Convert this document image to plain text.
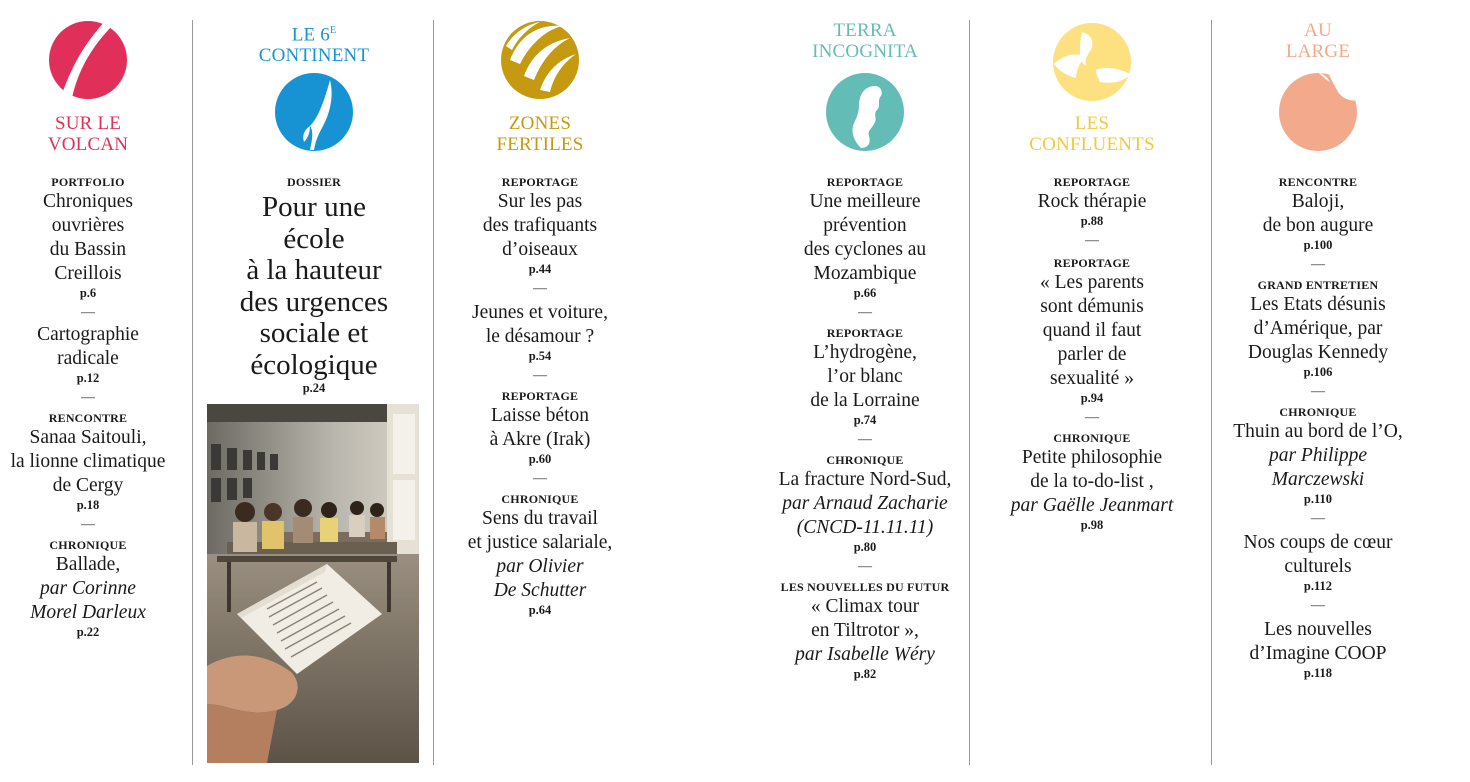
SUR LE
VOLCAN
PORTFOLIO
Chroniques
ouvrières
du Bassin
Creillois
p.6
—
Cartographie
radicale
p.12
—
RENCONTRE
Sanaa Saitouli,
la lionne climatique
de Cergy
p.18
—
CHRONIQUE
Ballade,
par Corinne
Morel Darleux
p.22
LE $6^E$
CONTINENT
DOSSIER
Pour une
école
à la hauteur
des urgences
sociale et
écologique
p.24
ZONES
FERTILES
REPORTAGE
Sur les pas
des trafiquants
d’oiseaux
p.44
—
Jeunes et voiture,
le désamour ?
p.54
—
REPORTAGE
Laisse béton
à Akre (Irak)
p.60
—
CHRONIQUE
Sens du travail
et justice salariale,
par Olivier
De Schutter
p.64
TERRA
INCOGNITA
REPORTAGE
Une meilleure
prévention
des cyclones au
Mozambique
p.66
—
REPORTAGE
L’hydrogène,
l’or blanc
de la Lorraine
p.74
—
CHRONIQUE
La fracture Nord-Sud,
par Arnaud Zacharie
(CNCD-11.11.11)
p.80
—
LES NOUVELLES DU FUTUR
« Climax tour
en Tiltrotor »,
par Isabelle Wéry
p.82
LES
CONFLUENTS
REPORTAGE
Rock thérapie
p.88
—
REPORTAGE
« Les parents
sont démunis
quand il faut
parler de
sexualité »
p.94
—
CHRONIQUE
Petite philosophie
de la to-do-list ,
par Gaëlle Jeanmart
p.98
AU
LARGE
RENCONTRE
Baloji,
de bon augure
p.100
—
GRAND ENTRETIEN
Les Etats désunis
d’Amérique, par
Douglas Kennedy
p.106
—
CHRONIQUE
Thuin au bord de l’O,
par Philippe
Marczewski
p.110
—
Nos coups de cœur
culturels
p.112
—
Les nouvelles
d’Imagine COOP
p.118
